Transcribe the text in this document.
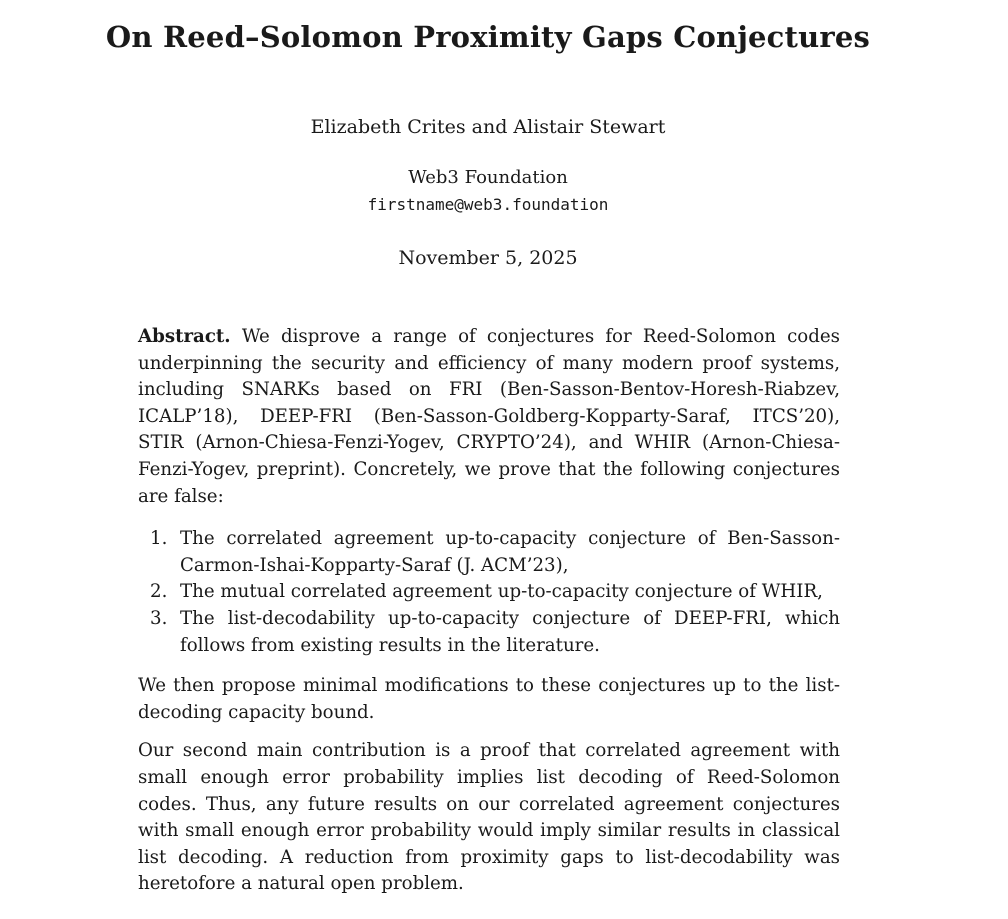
On Reed–Solomon Proximity Gaps Conjectures
Elizabeth Crites and Alistair Stewart
Web3 Foundation
firstname@web3.foundation
November 5, 2025

Abstract. We disprove a range of conjectures for Reed-Solomon codes underpinning the security and efficiency of many modern proof systems, including SNARKs based on FRI (Ben-Sasson-Bentov-Horesh-Riabzev, ICALP’18), DEEP-FRI (Ben-Sasson-Goldberg-Kopparty-Saraf, ITCS’20), STIR (Arnon-Chiesa-Fenzi-Yogev, CRYPTO’24), and WHIR (Arnon-Chiesa-Fenzi-Yogev, preprint). Concretely, we prove that the following conjectures are false:

1. The correlated agreement up-to-capacity conjecture of Ben-Sasson-Carmon-Ishai-Kopparty-Saraf (J. ACM’23),
2. The mutual correlated agreement up-to-capacity conjecture of WHIR,
3. The list-decodability up-to-capacity conjecture of DEEP-FRI, which follows from existing results in the literature.

We then propose minimal modifications to these conjectures up to the list-decoding capacity bound.

Our second main contribution is a proof that correlated agreement with small enough error probability implies list decoding of Reed-Solomon codes. Thus, any future results on our correlated agreement conjectures with small enough error probability would imply similar results in classical list decoding. A reduction from proximity gaps to list-decodability was heretofore a natural open problem.
